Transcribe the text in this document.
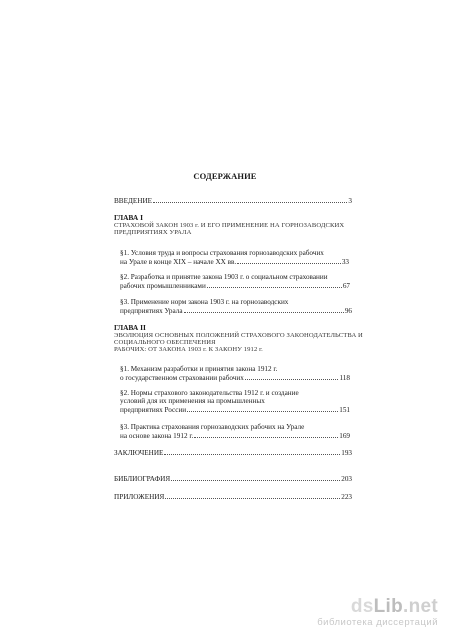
СОДЕРЖАНИЕ
ВВЕДЕНИЕ	3
ГЛАВА I
СТРАХОВОЙ ЗАКОН 1903 г. И ЕГО ПРИМЕНЕНИЕ НА ГОРНОЗАВОДСКИХ
ПРЕДПРИЯТИЯХ УРАЛА
§1. Условия труда и вопросы страхования горнозаводских рабочих
на Урале в конце XIX – начале XX вв.	33
§2. Разработка и принятие закона 1903 г. о социальном страховании
рабочих промышленниками	67
§3. Применение норм закона 1903 г. на горнозаводских
предприятиях Урала	96
ГЛАВА II
ЭВОЛЮЦИЯ ОСНОВНЫХ ПОЛОЖЕНИЙ СТРАХОВОГО ЗАКОНОДАТЕЛЬСТВА И
СОЦИАЛЬНОГО ОБЕСПЕЧЕНИЯ
РАБОЧИХ: ОТ ЗАКОНА 1903 г. К ЗАКОНУ 1912 г.
§1. Механизм разработки и принятия закона 1912 г.
о государственном страховании рабочих	118
§2. Нормы страхового законодательства 1912 г. и создание
условий для их применения на промышленных
предприятиях России	151
§3. Практика страхования горнозаводских рабочих на Урале
на основе закона 1912 г.	169
ЗАКЛЮЧЕНИЕ	193
БИБЛИОГРАФИЯ	203
ПРИЛОЖЕНИЯ	223
dsLib.net
библиотека диссертаций
